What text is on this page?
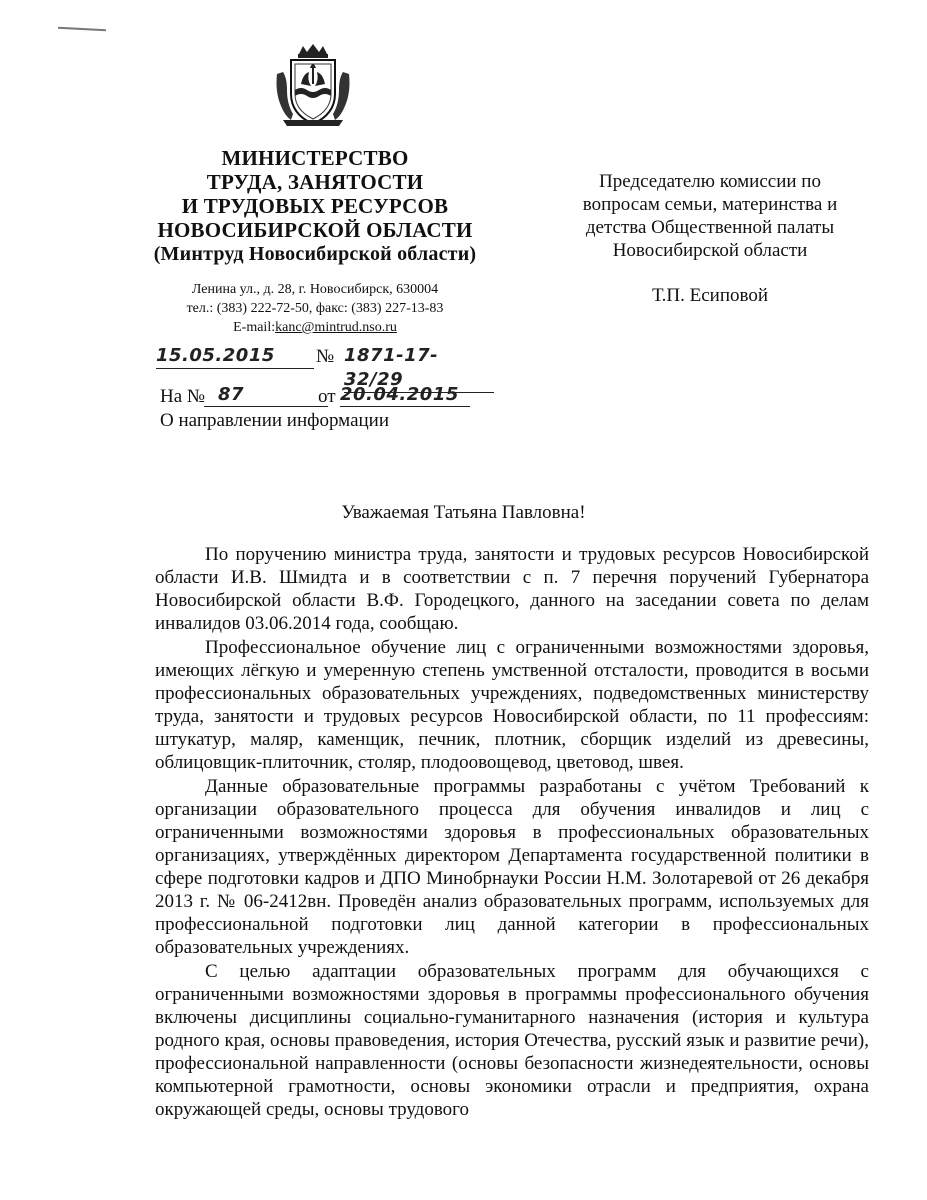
МИНИСТЕРСТВО
ТРУДА, ЗАНЯТОСТИ
И ТРУДОВЫХ РЕСУРСОВ
НОВОСИБИРСКОЙ ОБЛАСТИ
(Минтруд Новосибирской области)
Ленина ул., д. 28, г. Новосибирск, 630004
тел.: (383) 222-72-50, факс: (383) 227-13-83
E-mail:kanc@mintrud.nso.ru
15.05.2015	№ 1871-17-32/29
На № 87	от 20.04.2015
О направлении информации
Председателю комиссии по
вопросам семьи, материнства и
детства Общественной палаты
Новосибирской области
Т.П. Есиповой
Уважаемая Татьяна Павловна!

По поручению министра труда, занятости и трудовых ресурсов Новосибирской области И.В. Шмидта и в соответствии с п. 7 перечня поручений Губернатора Новосибирской области В.Ф. Городецкого, данного на заседании совета по делам инвалидов 03.06.2014 года, сообщаю.

Профессиональное обучение лиц с ограниченными возможностями здоровья, имеющих лёгкую и умеренную степень умственной отсталости, проводится в восьми профессиональных образовательных учреждениях, подведомственных министерству труда, занятости и трудовых ресурсов Новосибирской области, по 11 профессиям: штукатур, маляр, каменщик, печник, плотник, сборщик изделий из древесины, облицовщик-плиточник, столяр, плодоовощевод, цветовод, швея.

Данные образовательные программы разработаны с учётом Требований к организации образовательного процесса для обучения инвалидов и лиц с ограниченными возможностями здоровья в профессиональных образовательных организациях, утверждённых директором Департамента государственной политики в сфере подготовки кадров и ДПО Минобрнауки России Н.М. Золотаревой от 26 декабря 2013 г. № 06-2412вн. Проведён анализ образовательных программ, используемых для профессиональной подготовки лиц данной категории в профессиональных образовательных учреждениях.

С целью адаптации образовательных программ для обучающихся с ограниченными возможностями здоровья в программы профессионального обучения включены дисциплины социально-гуманитарного назначения (история и культура родного края, основы правоведения, история Отечества, русский язык и развитие речи), профессиональной направленности (основы безопасности жизнедеятельности, основы компьютерной грамотности, основы экономики отрасли и предприятия, охрана окружающей среды, основы трудового
